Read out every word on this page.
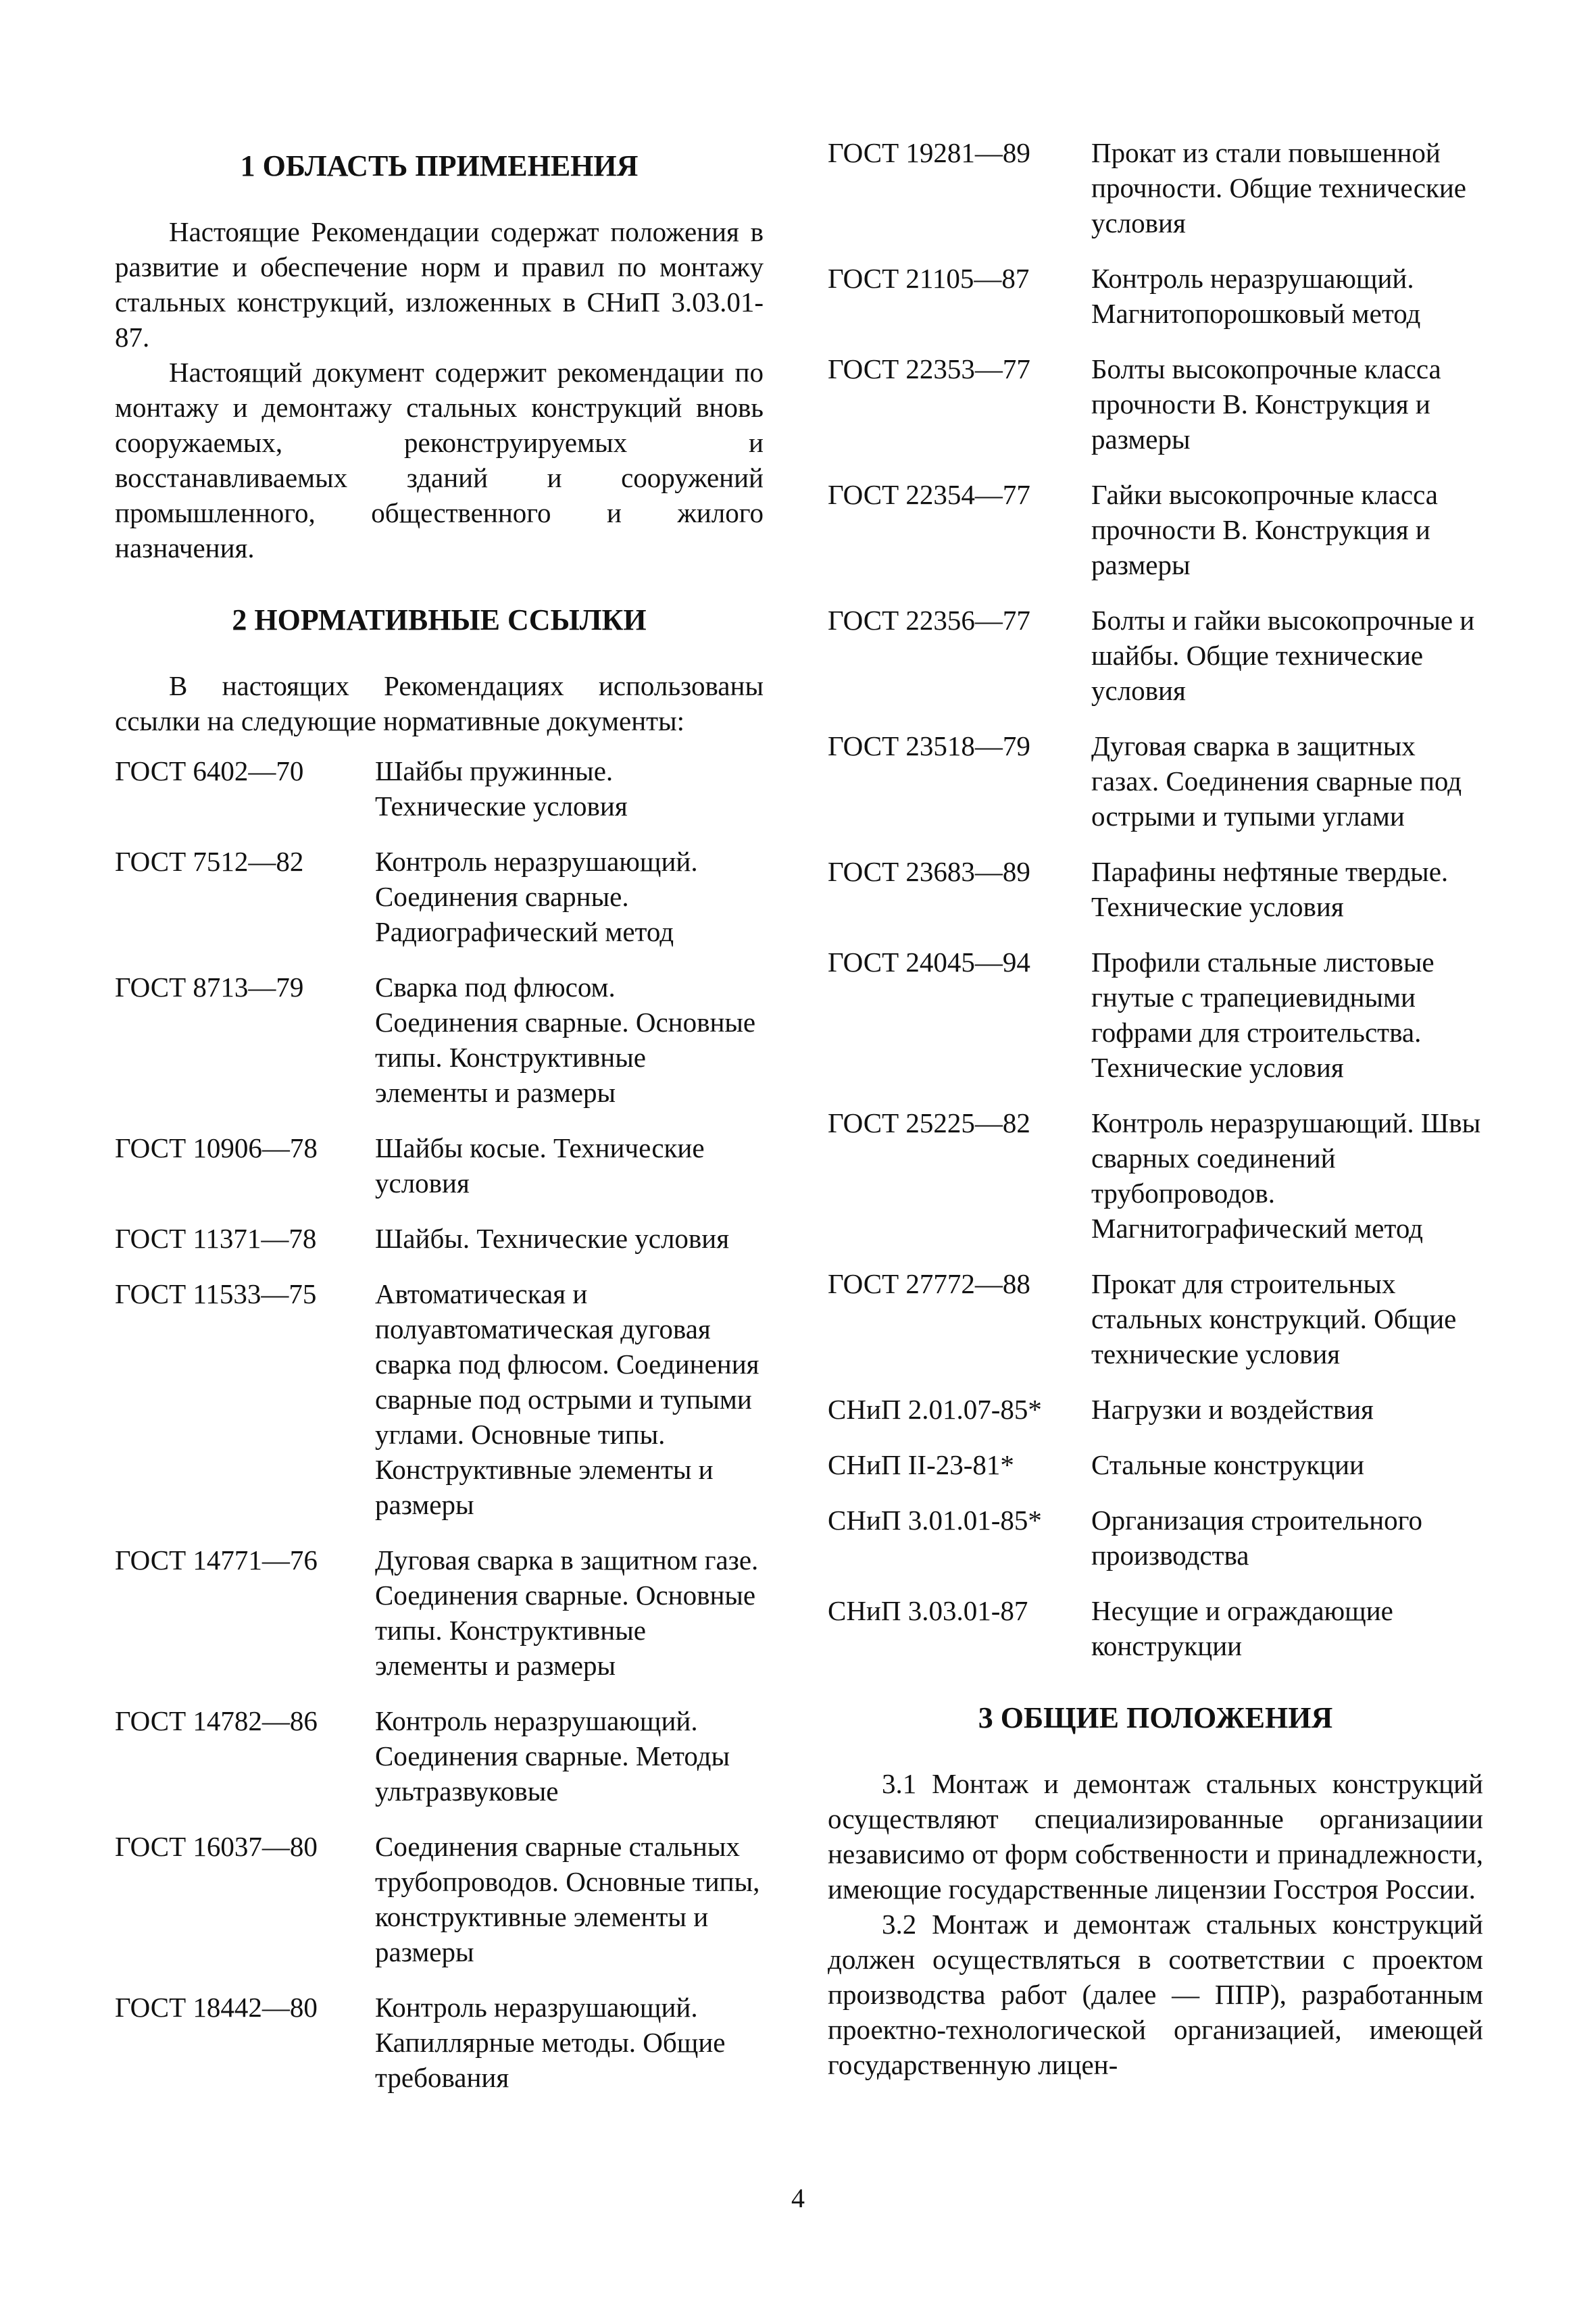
1 ОБЛАСТЬ ПРИМЕНЕНИЯ

Настоящие Рекомендации содержат положения в развитие и обеспечение норм и правил по монтажу стальных конструкций, изложенных в СНиП 3.03.01-87.

Настоящий документ содержит рекомендации по монтажу и демонтажу стальных конструкций вновь сооружаемых, реконструируемых и восстанавливаемых зданий и сооружений промышленного, общественного и жилого назначения.

2 НОРМАТИВНЫЕ ССЫЛКИ

В настоящих Рекомендациях использованы ссылки на следующие нормативные документы:

ГОСТ 6402—70	Шайбы пружинные. Технические условия
ГОСТ 7512—82	Контроль неразрушающий. Соединения сварные. Радиографический метод
ГОСТ 8713—79	Сварка под флюсом. Соединения сварные. Основные типы. Конструктивные элементы и размеры
ГОСТ 10906—78	Шайбы косые. Технические условия
ГОСТ 11371—78	Шайбы. Технические условия
ГОСТ 11533—75	Автоматическая и полуавтоматическая дуговая сварка под флюсом. Соединения сварные под острыми и тупыми углами. Основные типы. Конструктивные элементы и размеры
ГОСТ 14771—76	Дуговая сварка в защитном газе. Соединения сварные. Основные типы. Конструктивные элементы и размеры
ГОСТ 14782—86	Контроль неразрушающий. Соединения сварные. Методы ультразвуковые
ГОСТ 16037—80	Соединения сварные стальных трубопроводов. Основные типы, конструктивные элементы и размеры
ГОСТ 18442—80	Контроль неразрушающий. Капиллярные методы. Общие требования
ГОСТ 19281—89	Прокат из стали повышенной прочности. Общие технические условия
ГОСТ 21105—87	Контроль неразрушающий. Магнитопорошковый метод
ГОСТ 22353—77	Болты высокопрочные класса прочности В. Конструкция и размеры
ГОСТ 22354—77	Гайки высокопрочные класса прочности В. Конструкция и размеры
ГОСТ 22356—77	Болты и гайки высокопрочные и шайбы. Общие технические условия
ГОСТ 23518—79	Дуговая сварка в защитных газах. Соединения сварные под острыми и тупыми углами
ГОСТ 23683—89	Парафины нефтяные твердые. Технические условия
ГОСТ 24045—94	Профили стальные листовые гнутые с трапециевидными гофрами для строительства. Технические условия
ГОСТ 25225—82	Контроль неразрушающий. Швы сварных соединений трубопроводов. Магнитографический метод
ГОСТ 27772—88	Прокат для строительных стальных конструкций. Общие технические условия
СНиП 2.01.07-85*	Нагрузки и воздействия
СНиП II-23-81*	Стальные конструкции
СНиП 3.01.01-85*	Организация строительного производства
СНиП 3.03.01-87	Несущие и ограждающие конструкции
3 ОБЩИЕ ПОЛОЖЕНИЯ

3.1 Монтаж и демонтаж стальных конструкций осуществляют специализированные организациии независимо от форм собственности и принадлежности, имеющие государственные лицензии Госстроя России.

3.2 Монтаж и демонтаж стальных конструкций должен осуществляться в соответствии с проектом производства работ (далее — ППР), разработанным проектно-технологической организацией, имеющей государственную лицен-

4
